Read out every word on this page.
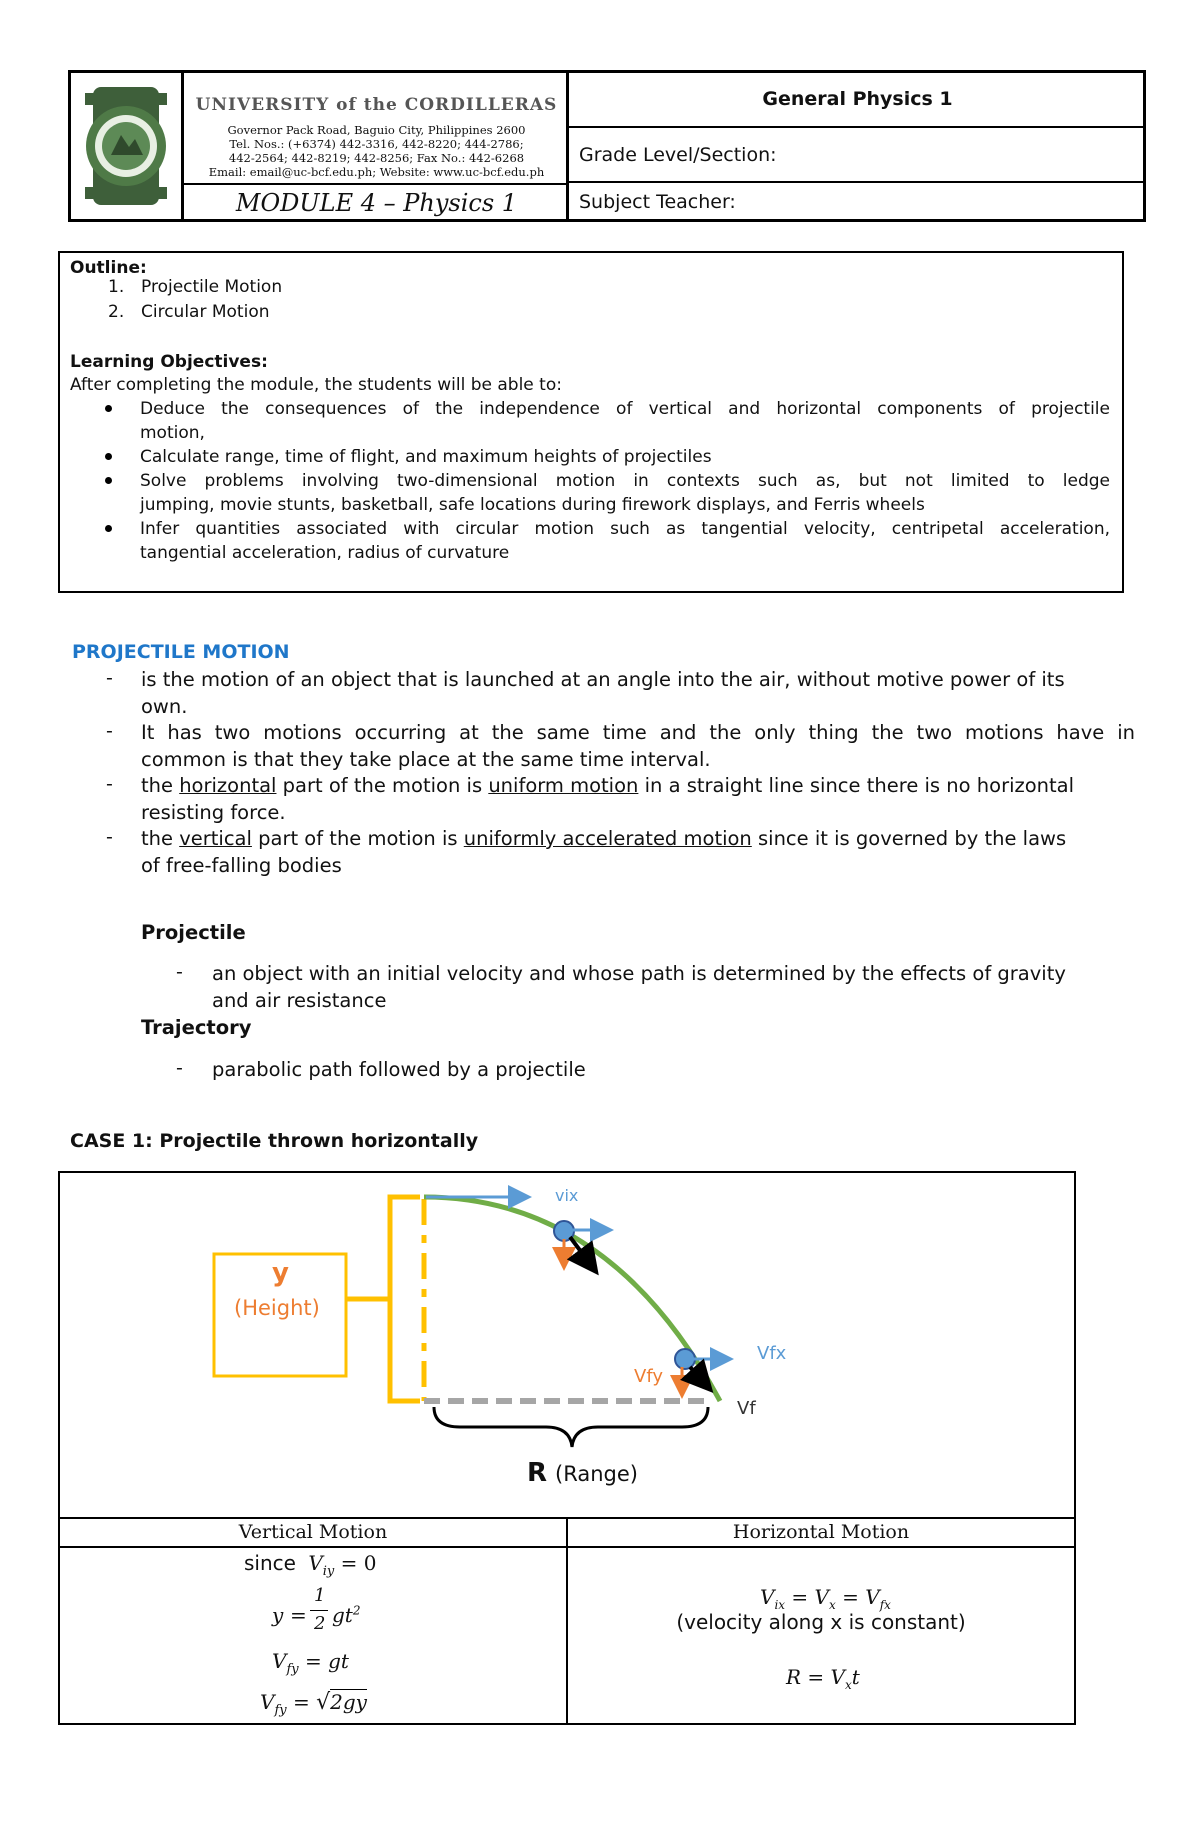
UNIVERSITY of the CORDILLERAS
Governor Pack Road, Baguio City, Philippines 2600
Tel. Nos.: (+6374) 442-3316, 442-8220; 444-2786;
442-2564; 442-8219; 442-8256; Fax No.: 442-6268
Email: email@uc-bcf.edu.ph; Website: www.uc-bcf.edu.ph
MODULE 4 – Physics 1
General Physics 1
Grade Level/Section:
Subject Teacher:
Outline:
1. Projectile Motion
2. Circular Motion
Learning Objectives:
After completing the module, the students will be able to:
Deduce the consequences of the independence of vertical and horizontal components of projectile
motion,
Calculate range, time of flight, and maximum heights of projectiles
Solve problems involving two-dimensional motion in contexts such as, but not limited to ledge
jumping, movie stunts, basketball, safe locations during firework displays, and Ferris wheels
Infer quantities associated with circular motion such as tangential velocity, centripetal acceleration,
tangential acceleration, radius of curvature
PROJECTILE MOTION
- is the motion of an object that is launched at an angle into the air, without motive power of its
own.
- It has two motions occurring at the same time and the only thing the two motions have in
common is that they take place at the same time interval.
- the horizontal part of the motion is uniform motion in a straight line since there is no horizontal
resisting force.
- the vertical part of the motion is uniformly accelerated motion since it is governed by the laws
of free-falling bodies
Projectile
- an object with an initial velocity and whose path is determined by the effects of gravity
and air resistance
Trajectory
- parabolic path followed by a projectile
CASE 1: Projectile thrown horizontally
y
(Height)
vix
Vfx
Vfy
Vf
R (Range)
Vertical Motion	Horizontal Motion
since $V_{iy} = 0$
y =
1
2 $gt^2$
$V_{fy}$ = gt
$V_{fy} = √2gy$
$V_{ix} = V_x = V_{fx}$
(velocity along x is constant)
$R = V_xt$
